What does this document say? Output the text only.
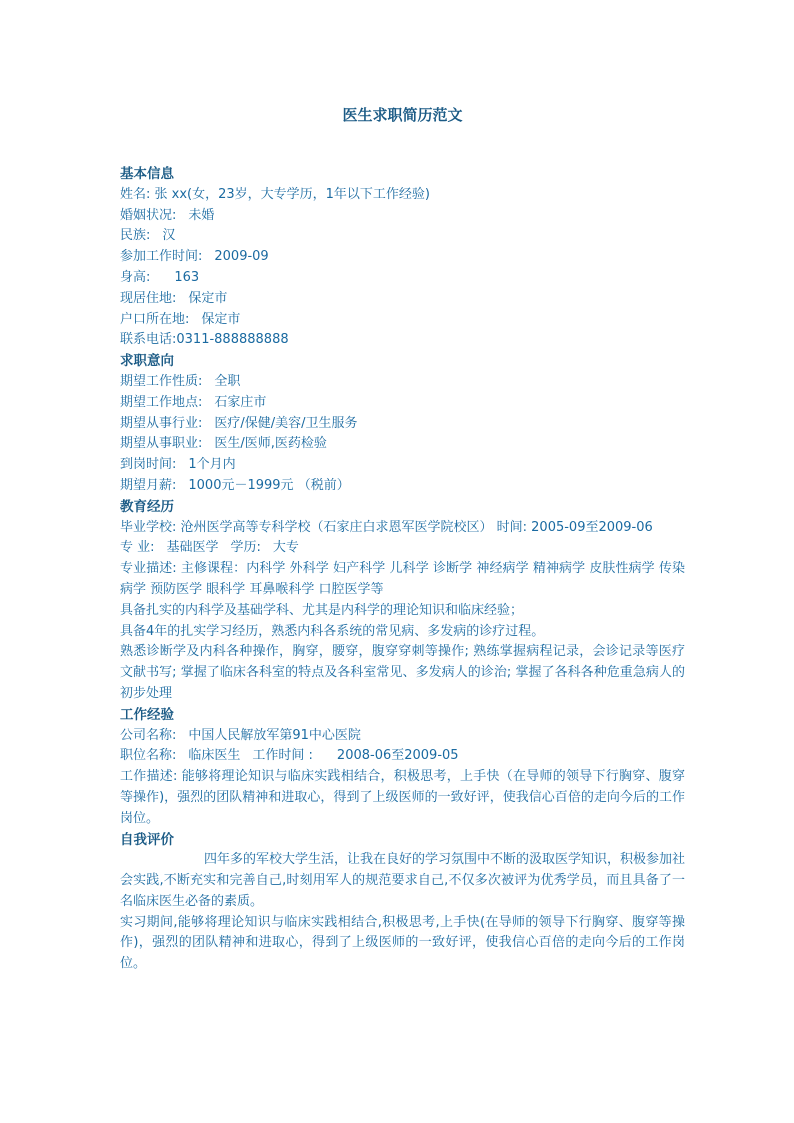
医生求职简历范文
基本信息
姓名: 张 xx(女，23岁，大专学历，1年以下工作经验)
婚姻状况: 未婚
民族: 汉
参加工作时间: 2009-09
身高: 163
现居住地: 保定市
户口所在地: 保定市
联系电话:0311-888888888
求职意向
期望工作性质: 全职
期望工作地点: 石家庄市
期望从事行业: 医疗/保健/美容/卫生服务
期望从事职业: 医生/医师,医药检验
到岗时间: 1个月内
期望月薪: 1000元－1999元 （税前）
教育经历
毕业学校: 沧州医学高等专科学校（石家庄白求恩军医学院校区） 时间: 2005-09至2009-06
专 业: 基础医学 学历: 大专
专业描述: 主修课程：内科学 外科学 妇产科学 儿科学 诊断学 神经病学 精神病学 皮肤性病学 传染病学 预防医学 眼科学 耳鼻喉科学 口腔医学等
具备扎实的内科学及基础学科、尤其是内科学的理论知识和临床经验；
具备4年的扎实学习经历，熟悉内科各系统的常见病、多发病的诊疗过程。
熟悉诊断学及内科各种操作，胸穿，腰穿，腹穿穿刺等操作; 熟练掌握病程记录，会诊记录等医疗文献书写; 掌握了临床各科室的特点及各科室常见、多发病人的诊治; 掌握了各科各种危重急病人的初步处理
工作经验
公司名称: 中国人民解放军第91中心医院
职位名称: 临床医生 工作时间 : 2008-06至2009-05
工作描述: 能够将理论知识与临床实践相结合，积极思考，上手快（在导师的领导下行胸穿、腹穿等操作)，强烈的团队精神和进取心，得到了上级医师的一致好评，使我信心百倍的走向今后的工作岗位。
自我评价
四年多的军校大学生活，让我在良好的学习氛围中不断的汲取医学知识，积极参加社会实践,不断充实和完善自己,时刻用军人的规范要求自己,不仅多次被评为优秀学员，而且具备了一名临床医生必备的素质。
实习期间,能够将理论知识与临床实践相结合,积极思考,上手快(在导师的领导下行胸穿、腹穿等操作)，强烈的团队精神和进取心，得到了上级医师的一致好评，使我信心百倍的走向今后的工作岗位。
